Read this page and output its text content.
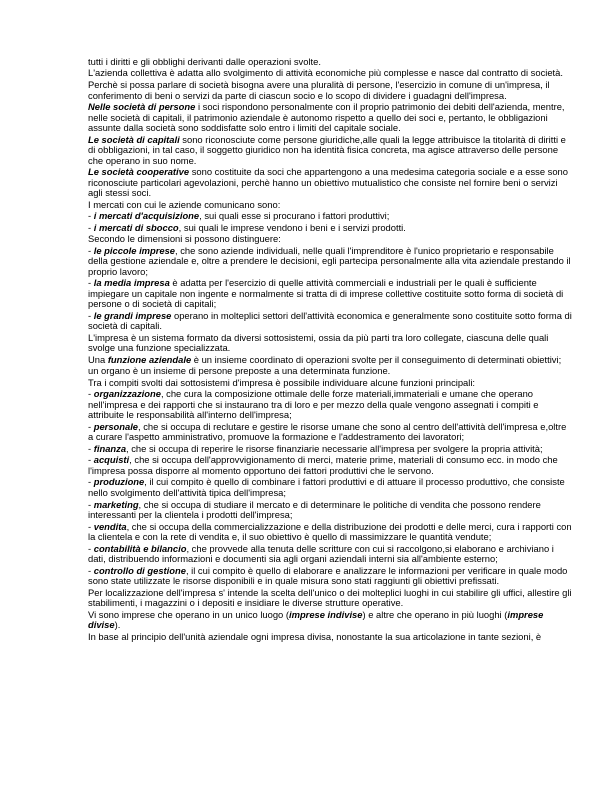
tutti i diritti e gli obblighi derivanti dalle operazioni svolte.

L'azienda collettiva è adatta allo svolgimento di attività economiche più complesse e nasce dal contratto di società.

Perchè si possa parlare di società bisogna avere una pluralità di persone, l'esercizio in comune di un'impresa, il conferimento di beni o servizi da parte di ciascun socio e lo scopo di dividere i guadagni dell'impresa.

Nelle società di persone i soci rispondono personalmente con il proprio patrimonio dei debiti dell'azienda, mentre, nelle società di capitali, il patrimonio aziendale è autonomo rispetto a quello dei soci e, pertanto, le obbligazioni assunte dalla società sono soddisfatte solo entro i limiti del capitale sociale.

Le società di capitali sono riconosciute come persone giuridiche,alle quali la legge attribuisce la titolarità di diritti e di obbligazioni, in tal caso, il soggetto giuridico non ha identità fisica concreta, ma agisce attraverso delle persone che operano in suo nome.

Le società cooperative sono costituite da soci che appartengono a una medesima categoria sociale e a esse sono riconosciute particolari agevolazioni, perchè hanno un obiettivo mutualistico che consiste nel fornire beni o servizi agli stessi soci.

I mercati con cui le aziende comunicano sono:

- i mercati d'acquisizione, sui quali esse si procurano i fattori produttivi;

- i mercati di sbocco, sui quali le imprese vendono i beni e i servizi prodotti.

Secondo le dimensioni si possono distinguere:

- le piccole imprese, che sono aziende individuali, nelle quali l'imprenditore è l'unico proprietario e responsabile della gestione aziendale e, oltre a prendere le decisioni, egli partecipa personalmente alla vita aziendale prestando il proprio lavoro;

- la media impresa è adatta per l'esercizio di quelle attività commerciali e industriali per le quali è sufficiente impiegare un capitale non ingente e normalmente si tratta di di imprese collettive costituite sotto forma di società di persone o di società di capitali;

- le grandi imprese operano in molteplici settori dell'attività economica e generalmente sono costituite sotto forma di società di capitali.

L'impresa è un sistema formato da diversi sottosistemi, ossia da più parti tra loro collegate, ciascuna delle quali svolge una funzione specializzata.

Una funzione aziendale è un insieme coordinato di operazioni svolte per il conseguimento di determinati obiettivi;

un organo è un insieme di persone preposte a una determinata funzione.

Tra i compiti svolti dai sottosistemi d'impresa è possibile individuare alcune funzioni principali:

- organizzazione, che cura la composizione ottimale delle forze materiali,immateriali e umane che operano nell'impresa e dei rapporti che si instaurano tra di loro e per mezzo della quale vengono assegnati i compiti e attribuite le responsabilità all'interno dell'impresa;

- personale, che si occupa di reclutare e gestire le risorse umane che sono al centro dell'attività dell'impresa e,oltre a curare l'aspetto amministrativo, promuove la formazione e l'addestramento dei lavoratori;

- finanza, che si occupa di reperire le risorse finanziarie necessarie all'impresa per svolgere la propria attività;

- acquisti, che si occupa dell'approvvigionamento di merci, materie prime, materiali di consumo ecc. in modo che l'impresa possa disporre al momento opportuno dei fattori produttivi che le servono.

- produzione, il cui compito è quello di combinare i fattori produttivi e di attuare il processo produttivo, che consiste nello svolgimento dell'attività tipica dell'impresa;

- marketing, che si occupa di studiare il mercato e di determinare le politiche di vendita che possono rendere interessanti per la clientela i prodotti dell'impresa;

- vendita, che si occupa della commercializzazione e della distribuzione dei prodotti e delle merci, cura i rapporti con la clientela e con la rete di vendita e, il suo obiettivo è quello di massimizzare le quantità vendute;

- contabilità e bilancio, che provvede alla tenuta delle scritture con cui si raccolgono,si elaborano e archiviano i dati, distribuendo informazioni e documenti sia agli organi aziendali interni sia all'ambiente esterno;

- controllo di gestione, il cui compito è quello di elaborare e analizzare le informazioni per verificare in quale modo sono state utilizzate le risorse disponibili e in quale misura sono stati raggiunti gli obiettivi prefissati.

Per localizzazione dell'impresa s' intende la scelta dell'unico o dei molteplici luoghi in cui stabilire gli uffici, allestire gli stabilimenti, i magazzini o i depositi e insidiare le diverse strutture operative.

Vi sono imprese che operano in un unico luogo (imprese indivise) e altre che operano in più luoghi (imprese divise).

In base al principio dell'unità aziendale ogni impresa divisa, nonostante la sua articolazione in tante sezioni, è
